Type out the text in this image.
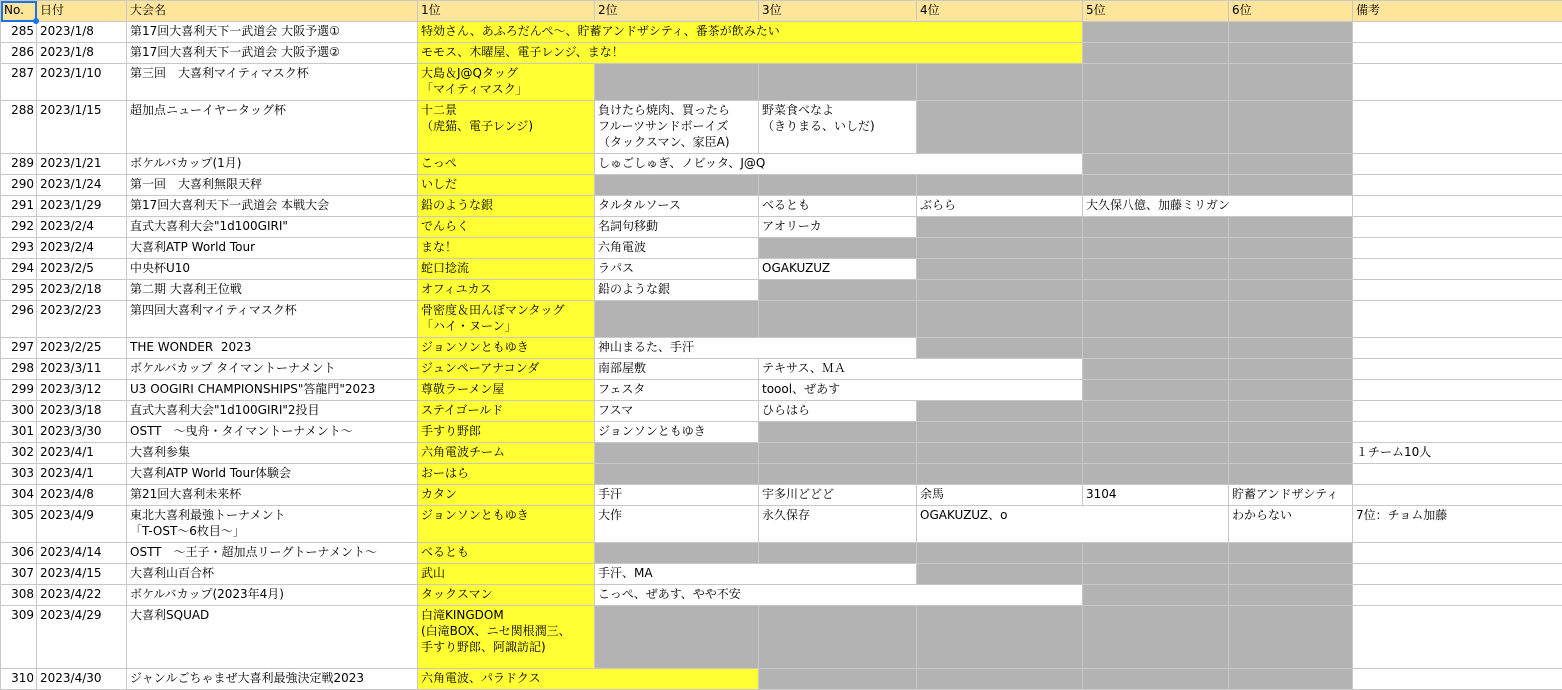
No.	日付	大会名	1位	2位	3位	4位	5位	6位	備考
285	2023/1/8	第17回大喜利天下一武道会 大阪予選①	特効さん、あふろだんぺ〜、貯蓄アンドザシティ、番茶が飲みたい						
286	2023/1/8	第17回大喜利天下一武道会 大阪予選②	モモス、木曜屋、電子レンジ、まな！						
287	2023/1/10	第三回　大喜利マイティマスク杯	大島＆J@Qタッグ
「マイティマスク」						
288	2023/1/15	超加点ニューイヤータッグ杯	十二景
（虎猫、電子レンジ)	負けたら焼肉、買ったら
フルーツサンドボーイズ
（タックスマン、家臣A)	野菜食べなよ
（きりまる、いしだ)				
289	2023/1/21	ボケルバカップ(1月)	こっぺ	しゅごしゅぎ、ノビッタ、J@Q					
290	2023/1/24	第一回　大喜利無限天秤	いしだ						
291	2023/1/29	第17回大喜利天下一武道会 本戦大会	鉛のような銀	タルタルソース	べるとも	ぶらら	大久保八億、加藤ミリガン		
292	2023/2/4	直式大喜利大会"1d100GIRI"	でんらく	名詞句移動	アオリーカ				
293	2023/2/4	大喜利ATP World Tour	まな！	六角電波					
294	2023/2/5	中央杯U10	蛇口捻流	ラパス	OGAKUZUZ				
295	2023/2/18	第二期 大喜利王位戦	オフィユカス	鉛のような銀					
296	2023/2/23	第四回大喜利マイティマスク杯	骨密度＆田んぼマンタッグ
「ハイ・ヌーン」						
297	2023/2/25	THE WONDER  2023	ジョンソンともゆき	神山まるた、手汗					
298	2023/3/11	ボケルバカップ タイマントーナメント	ジュンペーアナコンダ	南部屋敷	テキサス、ＭＡ				
299	2023/3/12	U3 OOGIRI CHAMPIONSHIPS"答龍門"2023	尊敬ラーメン屋	フェスタ	toool、ぜあす				
300	2023/3/18	直式大喜利大会"1d100GIRI"2投目	ステイゴールド	フスマ	ひらはら				
301	2023/3/30	OSTT　〜曳舟・タイマントーナメント〜	手すり野郎	ジョンソンともゆき					
302	2023/4/1	大喜利参集	六角電波チーム						１チーム10人
303	2023/4/1	大喜利ATP World Tour体験会	おーはら						
304	2023/4/8	第21回大喜利未来杯	カタン	手汗	宇多川どどど	余馬	3104	貯蓄アンドザシティ	
305	2023/4/9	東北大喜利最強トーナメント
「T-OST〜6枚目〜」	ジョンソンともゆき	大作	永久保存	OGAKUZUZ、o		わからない	7位：チョム加藤
306	2023/4/14	OSTT　〜王子・超加点リーグトーナメント〜	べるとも						
307	2023/4/15	大喜利山百合杯	武山	手汗、MA					
308	2023/4/22	ボケルバカップ(2023年4月)	タックスマン	こっぺ、ぜあす、やや不安					
309	2023/4/29	大喜利SQUAD	白滝KINGDOM
(白滝BOX、ニセ関根潤三、
手すり野郎、阿諏訪記)						
310	2023/4/30	ジャンルごちゃまぜ大喜利最強決定戦2023	六角電波、パラドクス						
